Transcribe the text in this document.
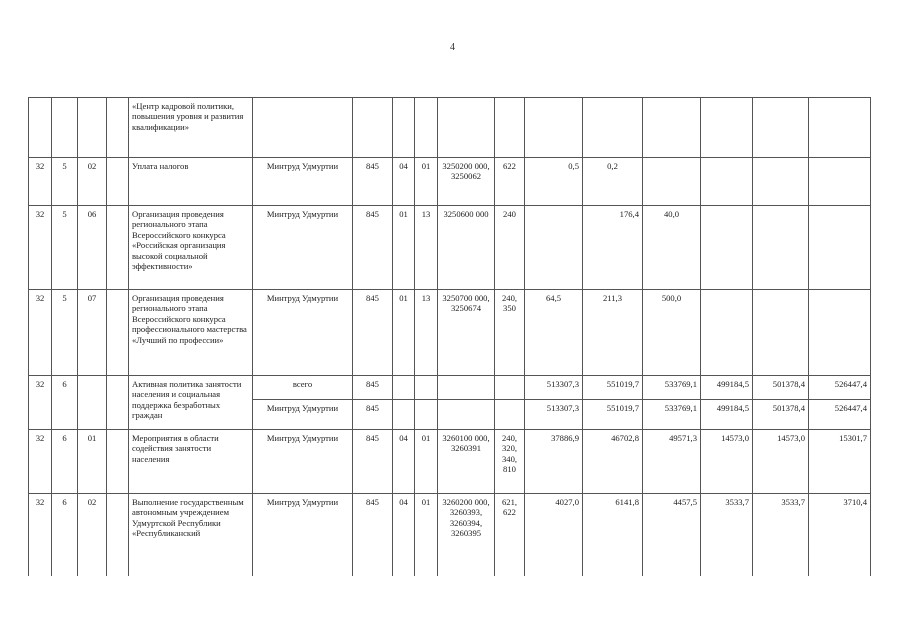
4
				«Центр кадровой политики, повышения уровня и развития квалификации»												
32	5	02		Уплата налогов	Минтруд Удмуртии	845	04	01	3250200 000, 3250062	622	0,5	0,2				
32	5	06		Организация проведения регионального этапа Всероссийского конкурса «Российская организация высокой социальной эффективности»	Минтруд Удмуртии	845	01	13	3250600 000	240		176,4	40,0			
32	5	07		Организация проведения регионального этапа Всероссийского конкурса профессионального мастерства «Лучший по профессии»	Минтруд Удмуртии	845	01	13	3250700 000, 3250674	240, 350	64,5	211,3	500,0			
32	6			Активная политика занятости населения и социальная поддержка безработных граждан	всего	845					513307,3	551019,7	533769,1	499184,5	501378,4	526447,4
					Минтруд Удмуртии	845					513307,3	551019,7	533769,1	499184,5	501378,4	526447,4
32	6	01		Мероприятия в области содействия занятости населения	Минтруд Удмуртии	845	04	01	3260100 000, 3260391	240, 320, 340, 810	37886,9	46702,8	49571,3	14573,0	14573,0	15301,7
32	6	02		Выполнение государственным автономным учреждением Удмуртской Республики «Республиканский	Минтруд Удмуртии	845	04	01	3260200 000, 3260393, 3260394, 3260395	621, 622	4027,0	6141,8	4457,5	3533,7	3533,7	3710,4
